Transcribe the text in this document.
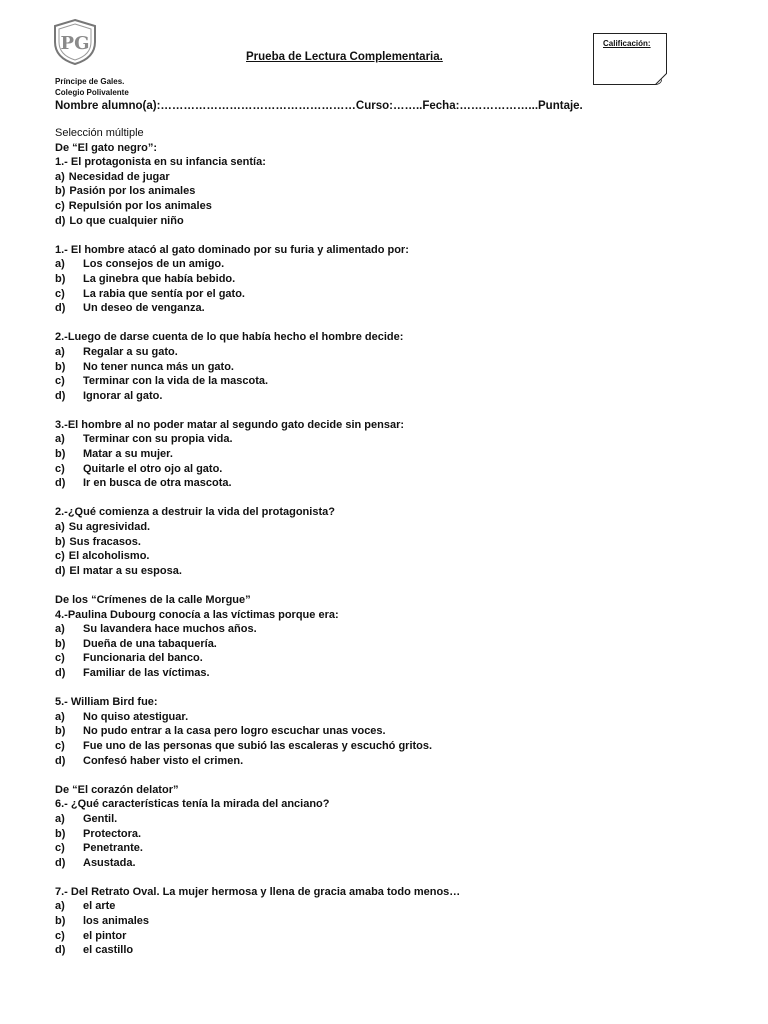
PG
Prueba de Lectura Complementaria.
Calificación:
Príncipe de Gales.
Colegio Polivalente
Nombre alumno(a):……………………………………………Curso:……..Fecha:………………...Puntaje.
Selección múltiple
De “El gato negro”:
1.- El protagonista en su infancia sentía:
a) Necesidad de jugar
b) Pasión por los animales
c) Repulsión por los animales
d) Lo que cualquier niño
1.- El hombre atacó al gato dominado por su furia y alimentado por:
a)	Los consejos de un amigo.
b)	La ginebra que había bebido.
c)	La rabia que sentía por el gato.
d)	Un deseo de venganza.
2.-Luego de darse cuenta de lo que había hecho el hombre decide:
a)	Regalar a su gato.
b)	No tener nunca más un gato.
c)	Terminar con la vida de la mascota.
d)	Ignorar al gato.
3.-El hombre al no poder matar al segundo gato decide sin pensar:
a)	Terminar con su propia vida.
b)	Matar a su mujer.
c)	Quitarle el otro ojo al gato.
d)	Ir en busca de otra mascota.
2.-¿Qué comienza a destruir la vida del protagonista?
a) Su agresividad.
b) Sus fracasos.
c) El alcoholismo.
d) El matar a su esposa.
De los “Crímenes de la calle Morgue”
4.-Paulina Dubourg conocía a las víctimas porque era:
a)	Su lavandera hace muchos años.
b)	Dueña de una tabaquería.
c)	Funcionaria del banco.
d)	Familiar de las víctimas.
5.- William Bird fue:
a)	No quiso atestiguar.
b)	No pudo entrar a la casa pero logro escuchar unas voces.
c)	Fue uno de las personas que subió las escaleras y escuchó gritos.
d)	Confesó haber visto el crimen.
De “El corazón delator”
6.- ¿Qué características tenía la mirada del anciano?
a)	Gentil.
b)	Protectora.
c)	Penetrante.
d)	Asustada.
7.- Del Retrato Oval. La mujer hermosa y llena de gracia amaba todo menos…
a)	el arte
b)	los animales
c)	el pintor
d)	el castillo
